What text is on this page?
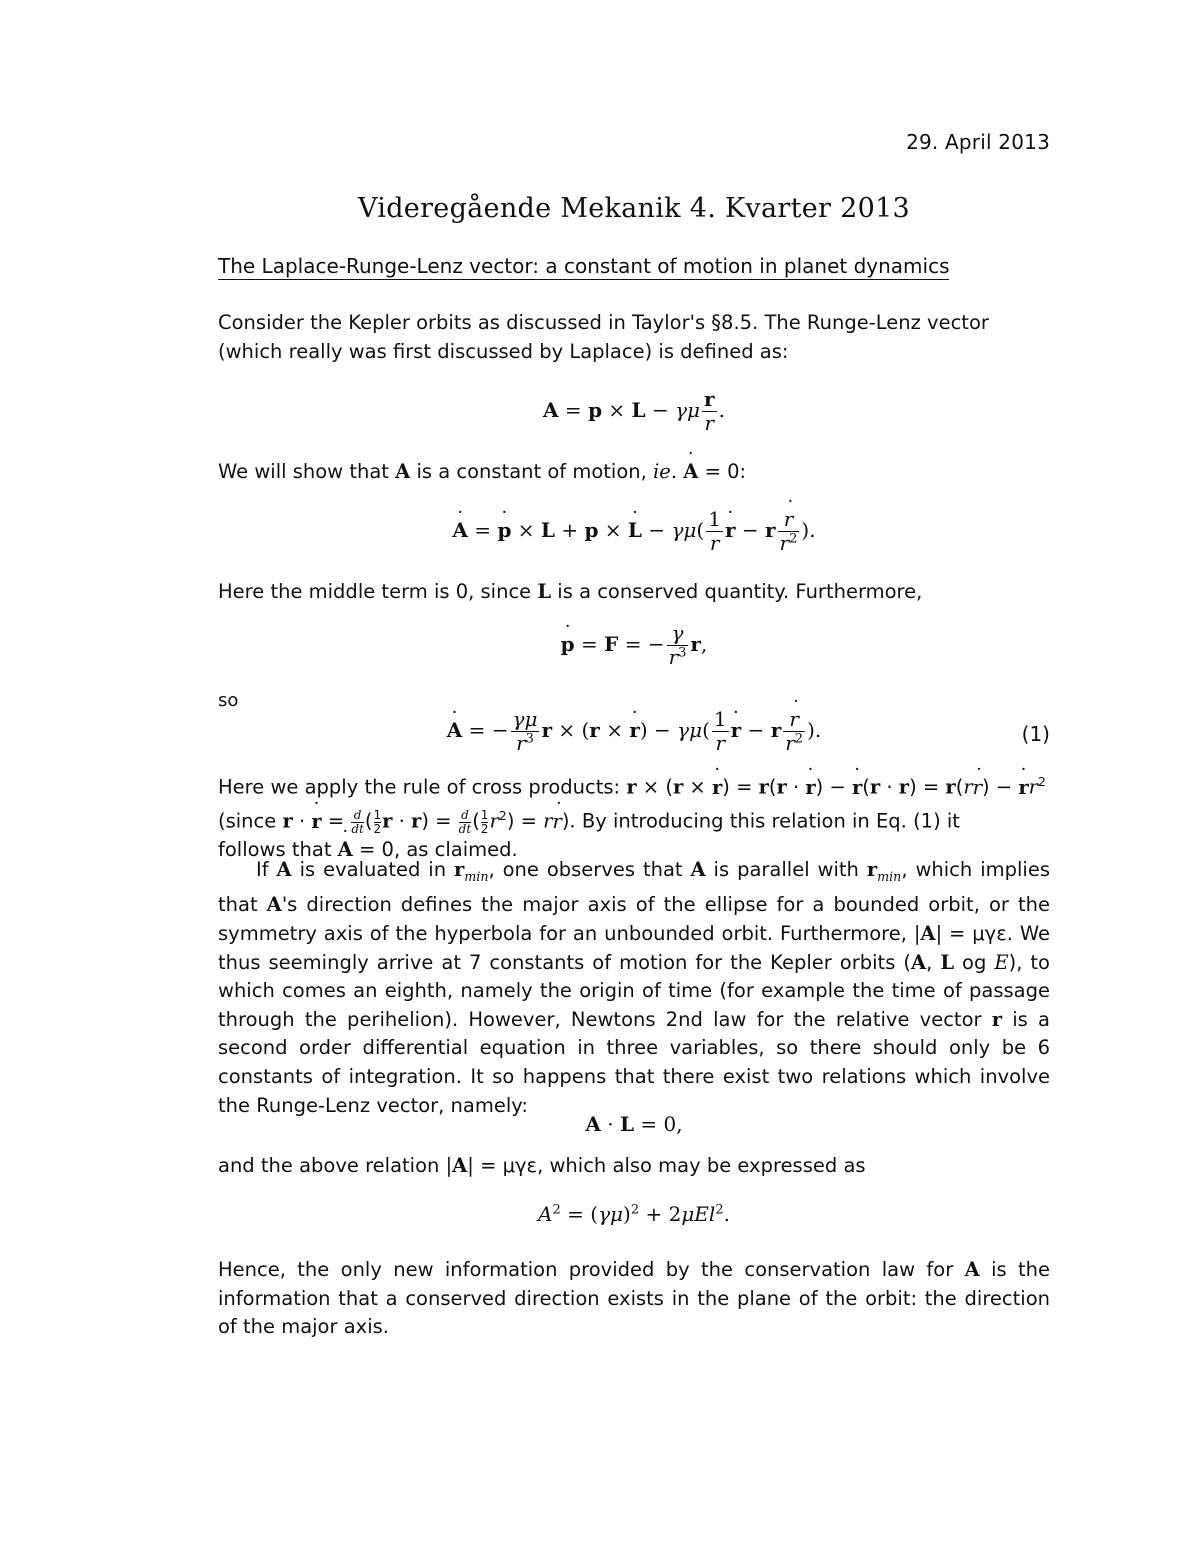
29. April 2013
Videregående Mekanik 4. Kvarter 2013
The Laplace-Runge-Lenz vector: a constant of motion in planet dynamics

Consider the Kepler orbits as discussed in Taylor's §8.5. The Runge-Lenz vector
(which really was first discussed by Laplace) is defined as:

A = p × L − γμ $\frac{r}{r}$ .

We will show that A is a constant of motion, ie. A ˙ = 0:

A ˙ = p ˙ × L + p × L ˙ − $\gamma\mu( \frac{1}{r}$ r ˙ − r $\frac{r ˙}{r^2}$ ).

Here the middle term is 0, since L is a conserved quantity. Furthermore,

p ˙ = F = − $\frac{\gamma}{r^3} r$,
so
A ˙ = − $\frac{\gamma\mu}{r^3}$ r × (r × r ˙) − $\gamma\mu( \frac{1}{r}$ r ˙ − r $\frac{r ˙}{r^2}$ ).	(1)

Here we apply the rule of cross products: r × (r × r ˙) = r(r · r ˙) − r ˙(r · r) = r(rr ˙) − r $˙r^2$
(since r · r ˙ = $\frac{d}{dt}$ ( $\frac{1}{2}$ $r \cdot r) = \frac{d}{dt}$ ( $\frac{1}{2} r^2$) = rr ˙). By introducing this relation in Eq. (1) it
follows that A ˙ = 0, as claimed.

If A is evaluated in $r_{min}$, one observes that A is parallel with $r_{min}$, which implies that A's direction defines the major axis of the ellipse for a bounded orbit, or the symmetry axis of the hyperbola for an unbounded orbit. Furthermore, |A| = μγε. We thus seemingly arrive at 7 constants of motion for the Kepler orbits (A, L og E), to which comes an eighth, namely the origin of time (for example the time of passage through the perihelion). However, Newtons 2nd law for the relative vector r is a second order differential equation in three variables, so there should only be 6 constants of integration. It so happens that there exist two relations which involve the Runge-Lenz vector, namely:

A · L = 0,

and the above relation |A| = μγε, which also may be expressed as

$A^2 = (\gamma\mu)^2 + 2\mu El^2$.

Hence, the only new information provided by the conservation law for A is the information that a conserved direction exists in the plane of the orbit: the direction of the major axis.
